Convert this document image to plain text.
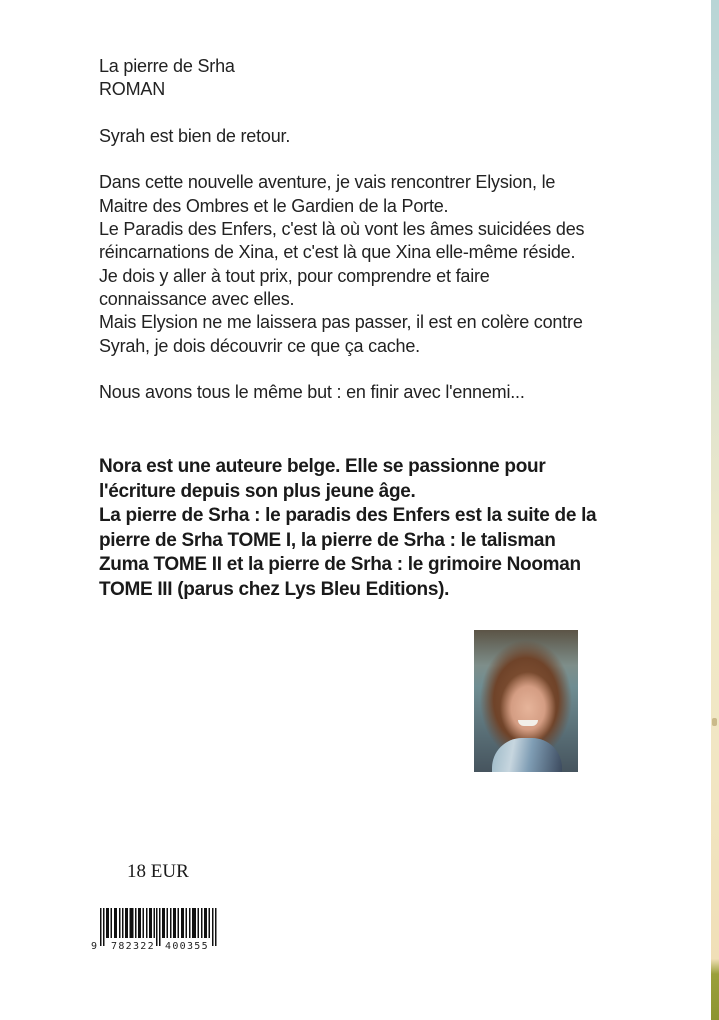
La pierre de Srha

ROMAN

Syrah est bien de retour.

Dans cette nouvelle aventure, je vais rencontrer Elysion, le

Maitre des Ombres et le Gardien de la Porte.

Le Paradis des Enfers, c'est là où vont les âmes suicidées des

réincarnations de Xina, et c'est là que Xina elle-même réside.

Je dois y aller à tout prix, pour comprendre et faire

connaissance avec elles.

Mais Elysion ne me laissera pas passer, il est en colère contre

Syrah, je dois découvrir ce que ça cache.

Nous avons tous le même but : en finir avec l'ennemi...

Nora est une auteure belge. Elle se passionne pour

l'écriture depuis son plus jeune âge.

La pierre de Srha : le paradis des Enfers est la suite de la

pierre de Srha TOME I, la pierre de Srha : le talisman

Zuma TOME II et la pierre de Srha : le grimoire Nooman

TOME III (parus chez Lys Bleu Editions).

18 EUR
9 782322 400355
